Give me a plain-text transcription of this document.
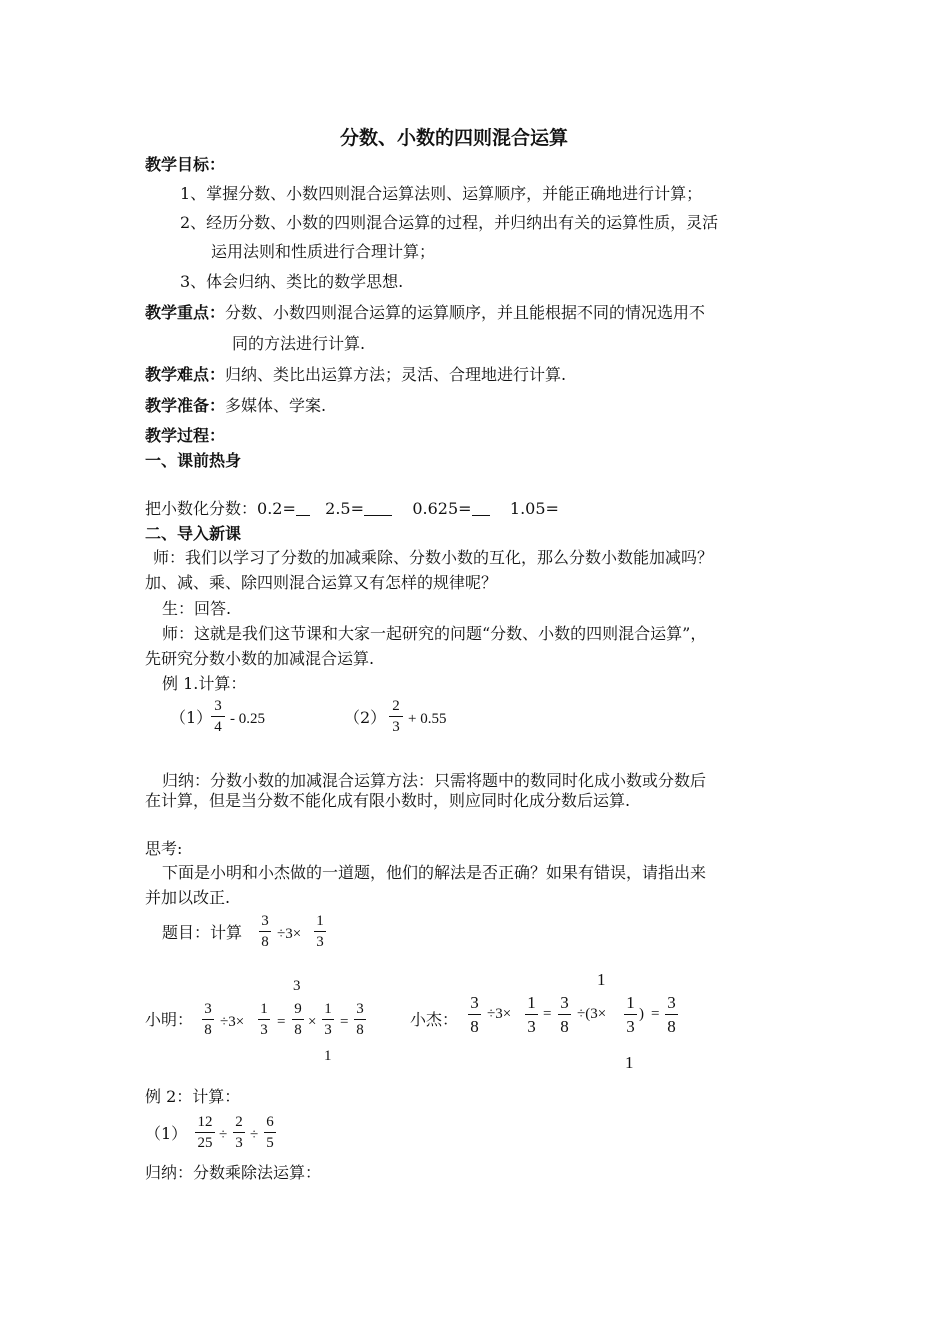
分数、小数的四则混合运算
教学目标：
1、掌握分数、小数四则混合运算法则、运算顺序，并能正确地进行计算；
2、经历分数、小数的四则混合运算的过程，并归纳出有关的运算性质，灵活
运用法则和性质进行合理计算；
3、体会归纳、类比的数学思想.
教学重点：分数、小数四则混合运算的运算顺序，并且能根据不同的情况选用不
同的方法进行计算.
教学难点：归纳、类比出运算方法；灵活、合理地进行计算.
教学准备：多媒体、学案.
教学过程：
一、课前热身
把小数化分数：0.2= 2.5=	0.625= 1.05=
二、导入新课
师：我们以学习了分数的加减乘除、分数小数的互化，那么分数小数能加减吗？
加、减、乘、除四则混合运算又有怎样的规律呢？
生：回答.
师：这就是我们这节课和大家一起研究的问题“分数、小数的四则混合运算”，
先研究分数小数的加减混合运算.
例 1.计算：
（1）
3
4 - 0.25	（2）
2
3 + 0.55
归纳：分数小数的加减混合运算方法：只需将题中的数同时化成小数或分数后
在计算，但是当分数不能化成有限小数时，则应同时化成分数后运算.
思考:
下面是小明和小杰做的一道题，他们的解法是否正确？如果有错误，请指出来
并加以改正.
题目：计算
3
8 ÷3×
1
3
小明：
3
3
8 ÷3×
1
3 =
9
8 ×
1
3 =
3
8
1
小杰：
1
3
8
÷3×
1
3
=
3
8
÷(3×
1
3
) =
3
8
1
例 2：计算：
（1）
12
25 ÷
2
3 ÷
6
5
归纳：分数乘除法运算：
